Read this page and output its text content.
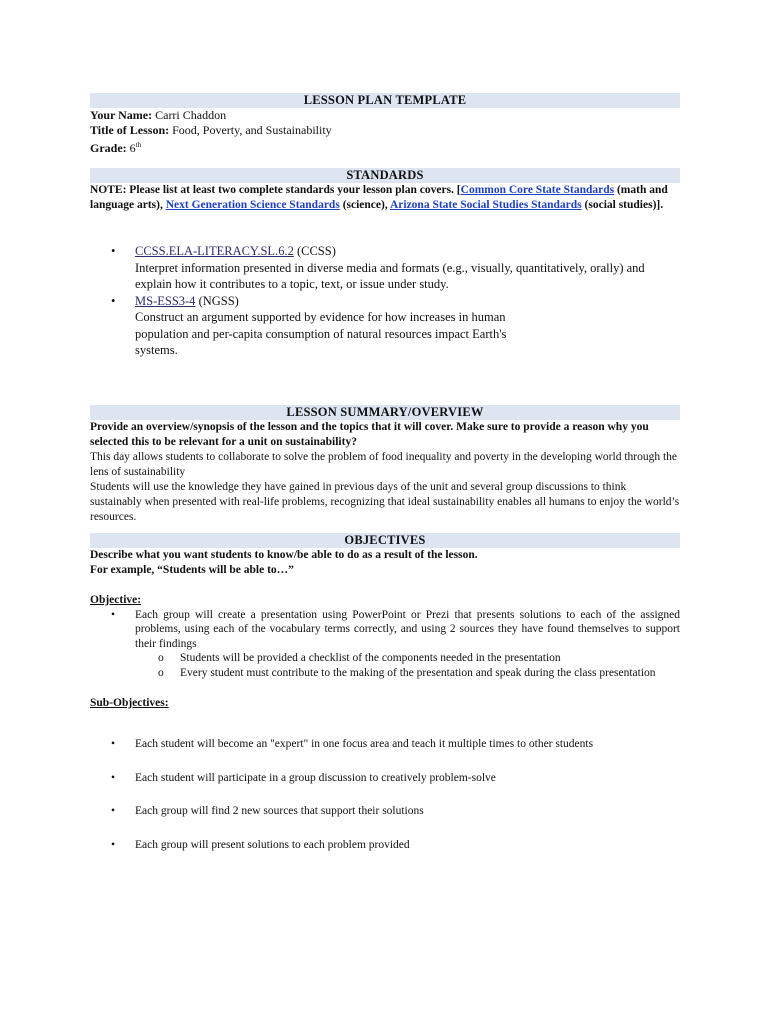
LESSON PLAN TEMPLATE
Your Name: Carri Chaddon
Title of Lesson: Food, Poverty, and Sustainability
Grade: 6th
STANDARDS
NOTE: Please list at least two complete standards your lesson plan covers. [Common Core State Standards (math and language arts), Next Generation Science Standards (science), Arizona State Social Studies Standards (social studies)].
• CCSS.ELA-LITERACY.SL.6.2 (CCSS)
Interpret information presented in diverse media and formats (e.g., visually, quantitatively, orally) and explain how it contributes to a topic, text, or issue under study.
• MS-ESS3-4 (NGSS)
Construct an argument supported by evidence for how increases in human population and per-capita consumption of natural resources impact Earth's systems.
LESSON SUMMARY/OVERVIEW
Provide an overview/synopsis of the lesson and the topics that it will cover. Make sure to provide a reason why you selected this to be relevant for a unit on sustainability?
This day allows students to collaborate to solve the problem of food inequality and poverty in the developing world through the lens of sustainability
Students will use the knowledge they have gained in previous days of the unit and several group discussions to think sustainably when presented with real-life problems, recognizing that ideal sustainability enables all humans to enjoy the world’s resources.
OBJECTIVES
Describe what you want students to know/be able to do as a result of the lesson.
For example, “Students will be able to…”
Objective:
• Each group will create a presentation using PowerPoint or Prezi that presents solutions to each of the assigned problems, using each of the vocabulary terms correctly, and using 2 sources they have found themselves to support their findings
o Students will be provided a checklist of the components needed in the presentation
o Every student must contribute to the making of the presentation and speak during the class presentation
Sub-Objectives:
• Each student will become an "expert" in one focus area and teach it multiple times to other students
• Each student will participate in a group discussion to creatively problem-solve
• Each group will find 2 new sources that support their solutions
• Each group will present solutions to each problem provided
